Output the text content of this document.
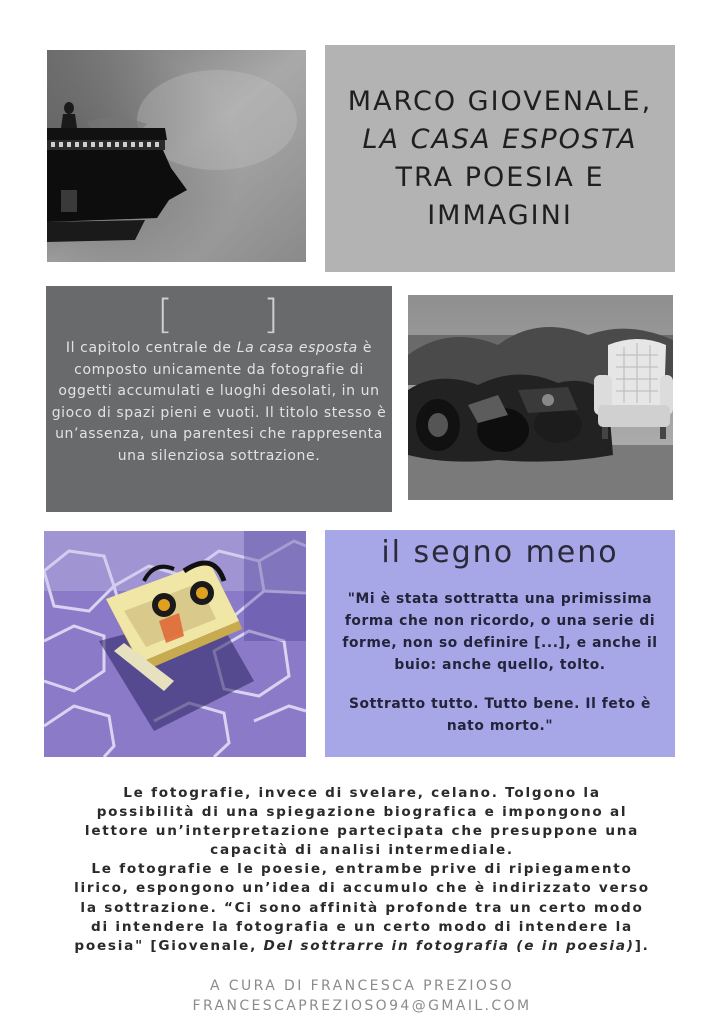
MARCO GIOVENALE,
LA CASA ESPOSTA
TRA POESIA E
IMMAGINI
[      ]
Il capitolo centrale de La casa esposta è composto unicamente da fotografie di oggetti accumulati e luoghi desolati, in un gioco di spazi pieni e vuoti. Il titolo stesso è un’assenza, una parentesi che rappresenta una silenziosa sottrazione.
il segno meno

"Mi è stata sottratta una primissima forma che non ricordo, o una serie di forme, non so definire [...], e anche il buio: anche quello, tolto.

Sottratto tutto. Tutto bene. Il feto è nato morto."

Le fotografie, invece di svelare, celano. Tolgono la
possibilità di una spiegazione biografica e impongono al
lettore un’interpretazione partecipata che presuppone una
capacità di analisi intermediale.
Le fotografie e le poesie, entrambe prive di ripiegamento
lirico, espongono un’idea di accumulo che è indirizzato verso
la sottrazione. “Ci sono affinità profonde tra un certo modo
di intendere la fotografia e un certo modo di intendere la
poesia" [Giovenale, Del sottrarre in fotografia (e in poesia)].
A CURA DI FRANCESCA PREZIOSO
FRANCESCAPREZIOSO94@GMAIL.COM
